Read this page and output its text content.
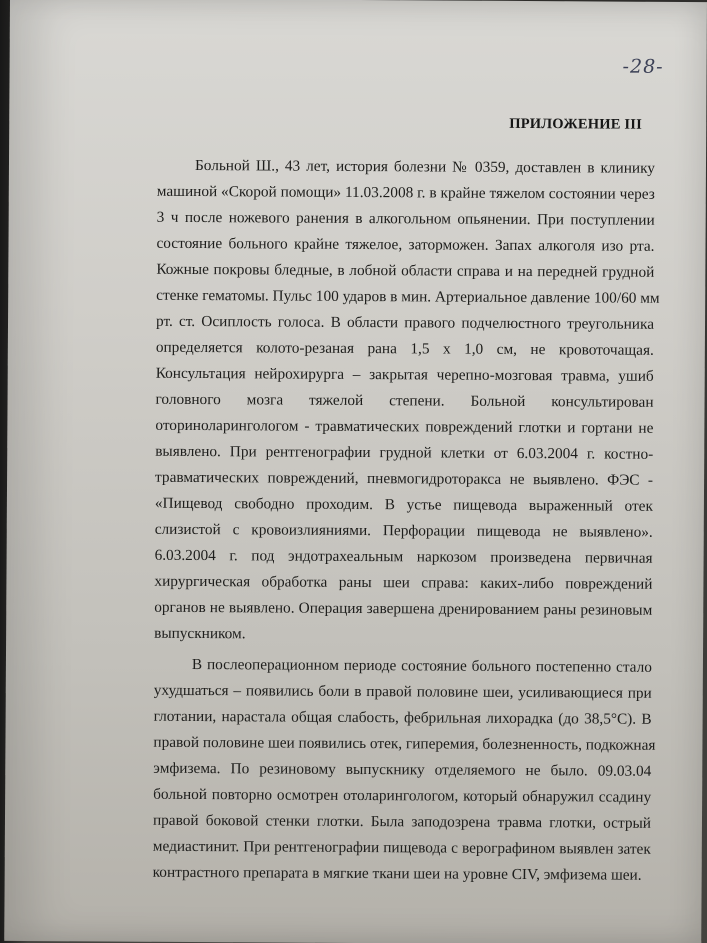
-28-
ПРИЛОЖЕНИЕ III
Больной Ш., 43 лет, история болезни № 0359, доставлен в клинику
машиной «Скорой помощи» 11.03.2008 г. в крайне тяжелом состоянии через
3 ч после ножевого ранения в алкогольном опьянении. При поступлении
состояние больного крайне тяжелое, заторможен. Запах алкоголя изо рта.
Кожные покровы бледные, в лобной области справа и на передней грудной
стенке гематомы. Пульс 100 ударов в мин. Артериальное давление 100/60 мм
рт. ст. Осиплость голоса. В области правого подчелюстного треугольника
определяется колото-резаная рана 1,5 х 1,0 см, не кровоточащая.
Консультация нейрохирурга – закрытая черепно-мозговая травма, ушиб
головного мозга тяжелой степени. Больной консультирован
оториноларингологом - травматических повреждений глотки и гортани не
выявлено. При рентгенографии грудной клетки от 6.03.2004 г. костно-
травматических повреждений, пневмогидроторакса не выявлено. ФЭС -
«Пищевод свободно проходим. В устье пищевода выраженный отек
слизистой с кровоизлияниями. Перфорации пищевода не выявлено».
6.03.2004 г. под эндотрахеальным наркозом произведена первичная
хирургическая обработка раны шеи справа: каких-либо повреждений
органов не выявлено. Операция завершена дренированием раны резиновым
выпускником.
В послеоперационном периоде состояние больного постепенно стало
ухудшаться – появились боли в правой половине шеи, усиливающиеся при
глотании, нарастала общая слабость, фебрильная лихорадка (до 38,5°С). В
правой половине шеи появились отек, гиперемия, болезненность, подкожная
эмфизема. По резиновому выпускнику отделяемого не было. 09.03.04
больной повторно осмотрен отоларингологом, который обнаружил ссадину
правой боковой стенки глотки. Была заподозрена травма глотки, острый
медиастинит. При рентгенографии пищевода с верографином выявлен затек
контрастного препарата в мягкие ткани шеи на уровне CIV, эмфизема шеи.
